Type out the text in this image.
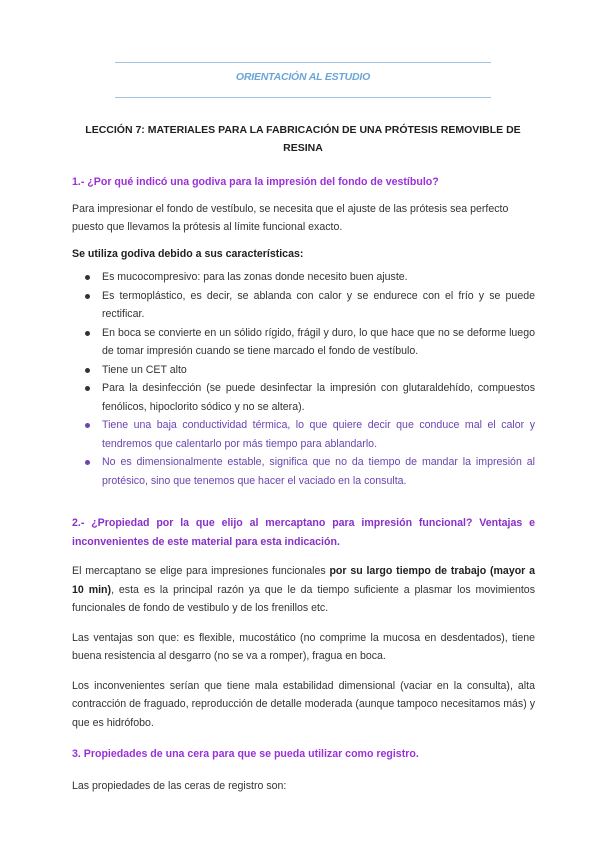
ORIENTACIÓN AL ESTUDIO
LECCIÓN 7: MATERIALES PARA LA FABRICACIÓN DE UNA PRÓTESIS REMOVIBLE DE RESINA

1.- ¿Por qué indicó una godiva para la impresión del fondo de vestíbulo?

Para impresionar el fondo de vestíbulo, se necesita que el ajuste de las prótesis sea perfecto puesto que llevamos la prótesis al límite funcional exacto.

Se utiliza godiva debido a sus características:

Es mucocompresivo: para las zonas donde necesito buen ajuste.
Es termoplástico, es decir, se ablanda con calor y se endurece con el frío y se puede rectificar.
En boca se convierte en un sólido rígido, frágil y duro, lo que hace que no se deforme luego de tomar impresión cuando se tiene marcado el fondo de vestíbulo.
Tiene un CET alto
Para la desinfección (se puede desinfectar la impresión con glutaraldehído, compuestos fenólicos, hipoclorito sódico y no se altera).
Tiene una baja conductividad térmica, lo que quiere decir que conduce mal el calor y tendremos que calentarlo por más tiempo para ablandarlo.
No es dimensionalmente estable, significa que no da tiempo de mandar la impresión al protésico, sino que tenemos que hacer el vaciado en la consulta.

2.- ¿Propiedad por la que elijo al mercaptano para impresión funcional? Ventajas e inconvenientes de este material para esta indicación.

El mercaptano se elige para impresiones funcionales por su largo tiempo de trabajo (mayor a 10 min), esta es la principal razón ya que le da tiempo suficiente a plasmar los movimientos funcionales de fondo de vestibulo y de los frenillos etc.

Las ventajas son que: es flexible, mucostático (no comprime la mucosa en desdentados), tiene buena resistencia al desgarro (no se va a romper), fragua en boca.

Los inconvenientes serían que tiene mala estabilidad dimensional (vaciar en la consulta), alta contracción de fraguado, reproducción de detalle moderada (aunque tampoco necesitamos más) y que es hidrófobo.

3. Propiedades de una cera para que se pueda utilizar como registro.

Las propiedades de las ceras de registro son:
